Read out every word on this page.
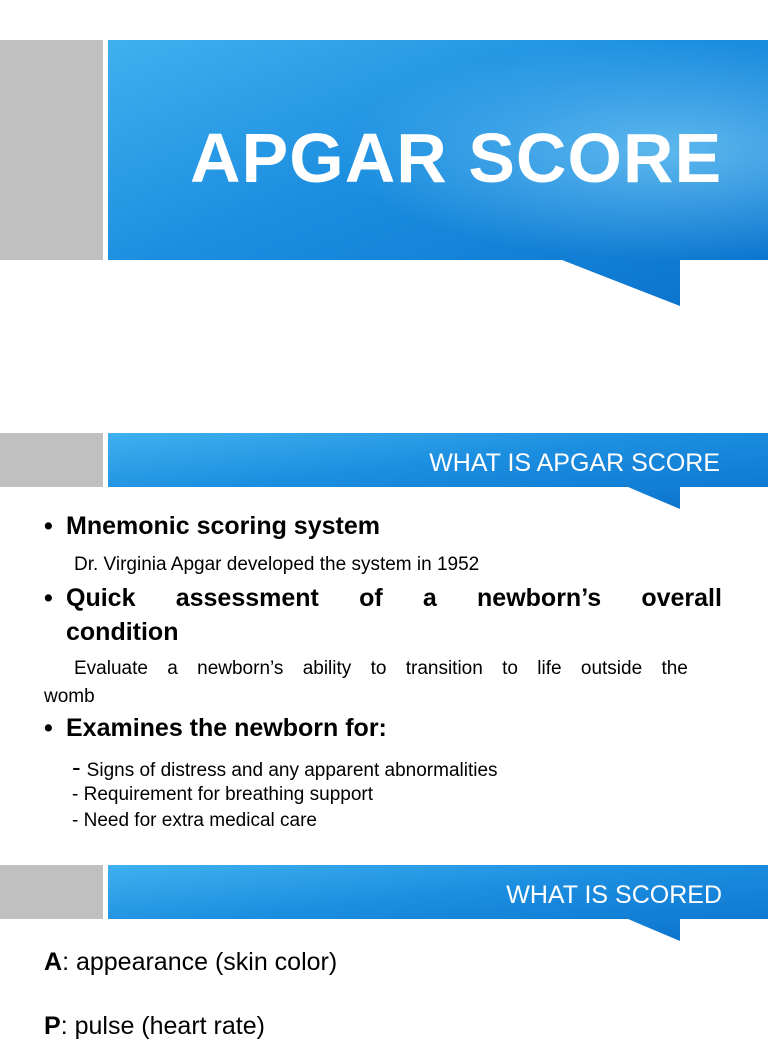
APGAR SCORE
WHAT IS APGAR SCORE
• Mnemonic scoring system
Dr. Virginia Apgar developed the system in 1952
• Quick assessment of a newborn’s overall
condition
Evaluate a newborn’s ability to transition to life outside the
womb
• Examines the newborn for:
- Signs of distress and any apparent abnormalities
- Requirement for breathing support
- Need for extra medical care
WHAT IS SCORED
A: appearance (skin color)
P: pulse (heart rate)
